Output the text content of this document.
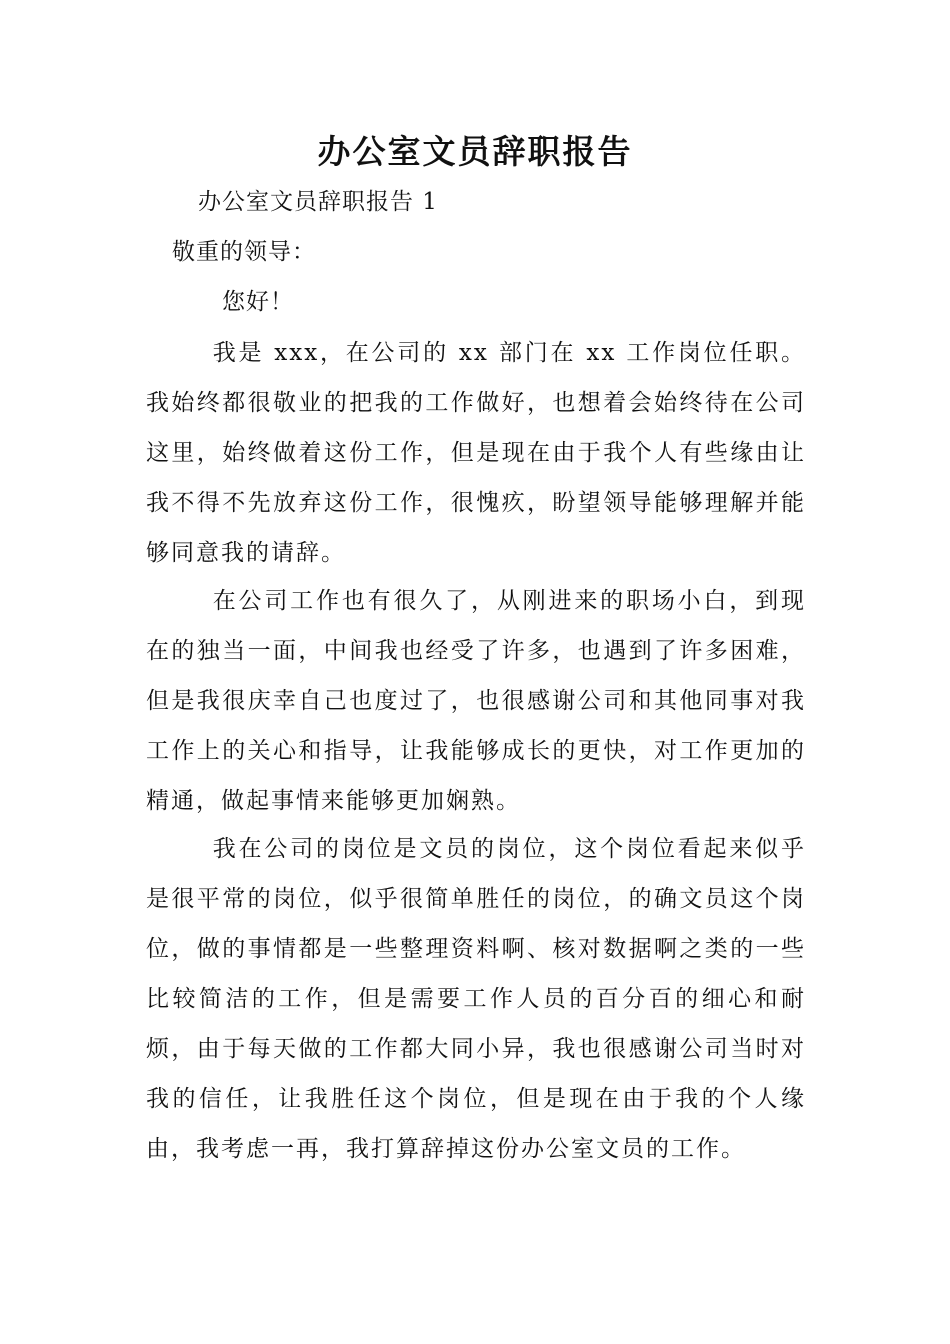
办公室文员辞职报告
办公室文员辞职报告 1
敬重的领导：
您好！

我是 xxx，在公司的 xx 部门在 xx 工作岗位任职。我始终都很敬业的把我的工作做好，也想着会始终待在公司这里，始终做着这份工作，但是现在由于我个人有些缘由让我不得不先放弃这份工作，很愧疚，盼望领导能够理解并能够同意我的请辞。

在公司工作也有很久了，从刚进来的职场小白，到现在的独当一面，中间我也经受了许多，也遇到了许多困难，但是我很庆幸自己也度过了，也很感谢公司和其他同事对我工作上的关心和指导，让我能够成长的更快，对工作更加的精通，做起事情来能够更加娴熟。

我在公司的岗位是文员的岗位，这个岗位看起来似乎是很平常的岗位，似乎很简单胜任的岗位，的确文员这个岗位，做的事情都是一些整理资料啊、核对数据啊之类的一些比较简洁的工作，但是需要工作人员的百分百的细心和耐烦，由于每天做的工作都大同小异，我也很感谢公司当时对我的信任，让我胜任这个岗位，但是现在由于我的个人缘由，我考虑一再，我打算辞掉这份办公室文员的工作。
